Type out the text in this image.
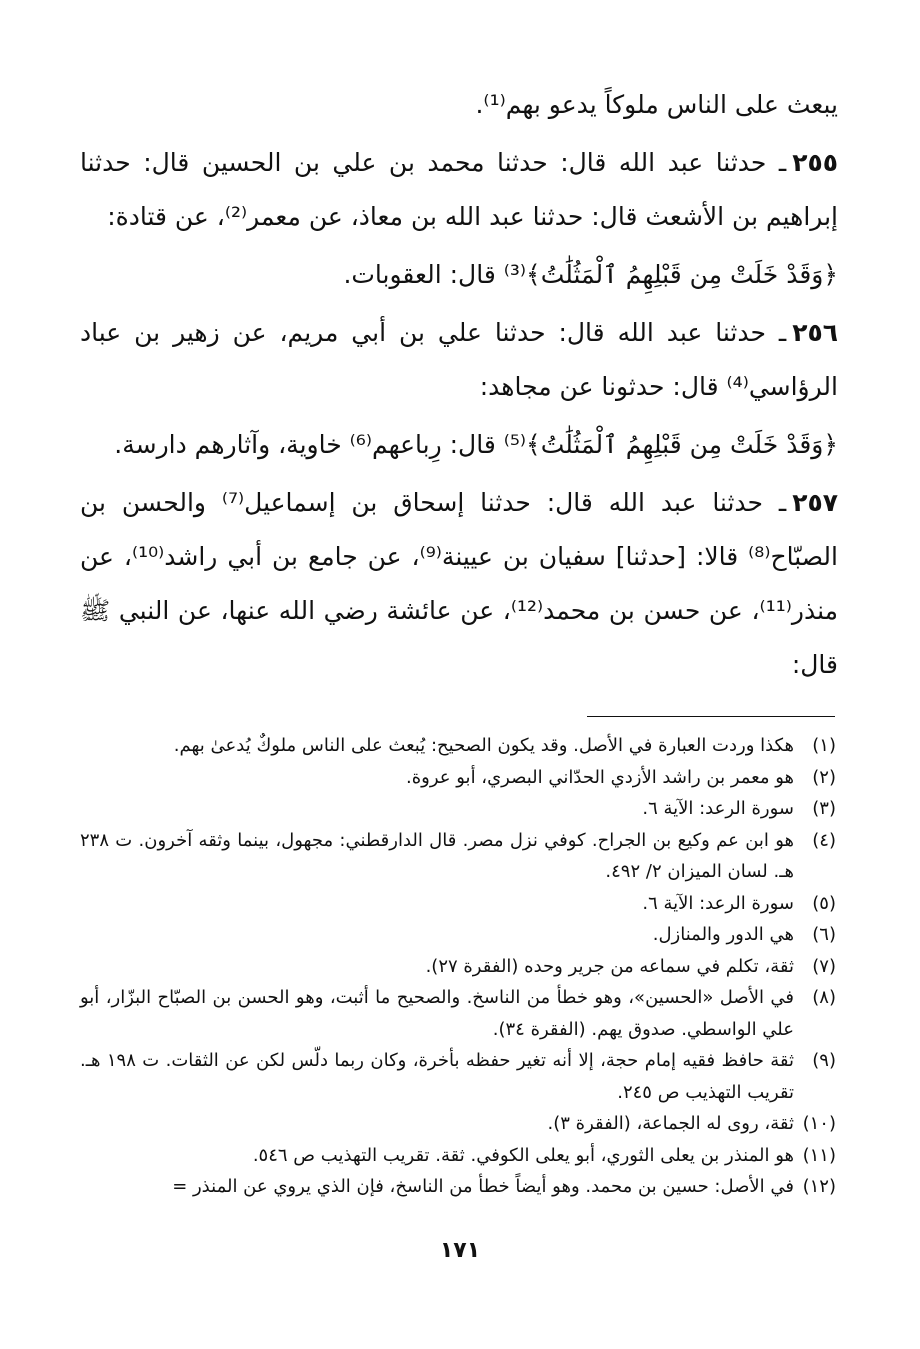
يبعث على الناس ملوكاً يدعو بهم⁽¹⁾.

٢٥٥ـ حدثنا عبد الله قال: حدثنا محمد بن علي بن الحسين قال: حدثنا إبراهيم بن الأشعث قال: حدثنا عبد الله بن معاذ، عن معمر⁽²⁾، عن قتادة:

﴿وَقَدْ خَلَتْ مِن قَبْلِهِمُ ٱلْمَثُلَٰتُ﴾⁽³⁾ قال: العقوبات.

٢٥٦ـ حدثنا عبد الله قال: حدثنا علي بن أبي مريم، عن زهير بن عباد الرؤاسي⁽⁴⁾ قال: حدثونا عن مجاهد:

﴿وَقَدْ خَلَتْ مِن قَبْلِهِمُ ٱلْمَثُلَٰتُ﴾⁽⁵⁾ قال: رِباعهم⁽⁶⁾ خاوية، وآثارهم دارسة.

٢٥٧ـ حدثنا عبد الله قال: حدثنا إسحاق بن إسماعيل⁽⁷⁾ والحسن بن الصبّاح⁽⁸⁾ قالا: [حدثنا] سفيان بن عيينة⁽⁹⁾، عن جامع بن أبي راشد⁽¹⁰⁾، عن منذر⁽¹¹⁾، عن حسن بن محمد⁽¹²⁾، عن عائشة رضي الله عنها، عن النبي ﷺ قال:

(١)
هكذا وردت العبارة في الأصل. وقد يكون الصحيح: يُبعث على الناس ملوكٌ يُدعىٰ بهم.
(٢)
هو معمر بن راشد الأزدي الحدّاني البصري، أبو عروة.
(٣)
سورة الرعد: الآية ٦.
(٤)
هو ابن عم وكيع بن الجراح. كوفي نزل مصر. قال الدارقطني: مجهول، بينما وثقه آخرون. ت ٢٣٨ هـ. لسان الميزان ٢/ ٤٩٢.
(٥)
سورة الرعد: الآية ٦.
(٦)
هي الدور والمنازل.
(٧)
ثقة، تكلم في سماعه من جرير وحده (الفقرة ٢٧).
(٨)
في الأصل «الحسين»، وهو خطأ من الناسخ. والصحيح ما أثبت، وهو الحسن بن الصبّاح البزّار، أبو علي الواسطي. صدوق يهم. (الفقرة ٣٤).
(٩)
ثقة حافظ فقيه إمام حجة، إلا أنه تغير حفظه بأخرة، وكان ربما دلّس لكن عن الثقات. ت ١٩٨ هـ. تقريب التهذيب ص ٢٤٥.
(١٠)
ثقة، روى له الجماعة، (الفقرة ٣).
(١١)
هو المنذر بن يعلى الثوري، أبو يعلى الكوفي. ثقة. تقريب التهذيب ص ٥٤٦.
(١٢)
في الأصل: حسين بن محمد. وهو أيضاً خطأ من الناسخ، فإن الذي يروي عن المنذر =
١٧١
